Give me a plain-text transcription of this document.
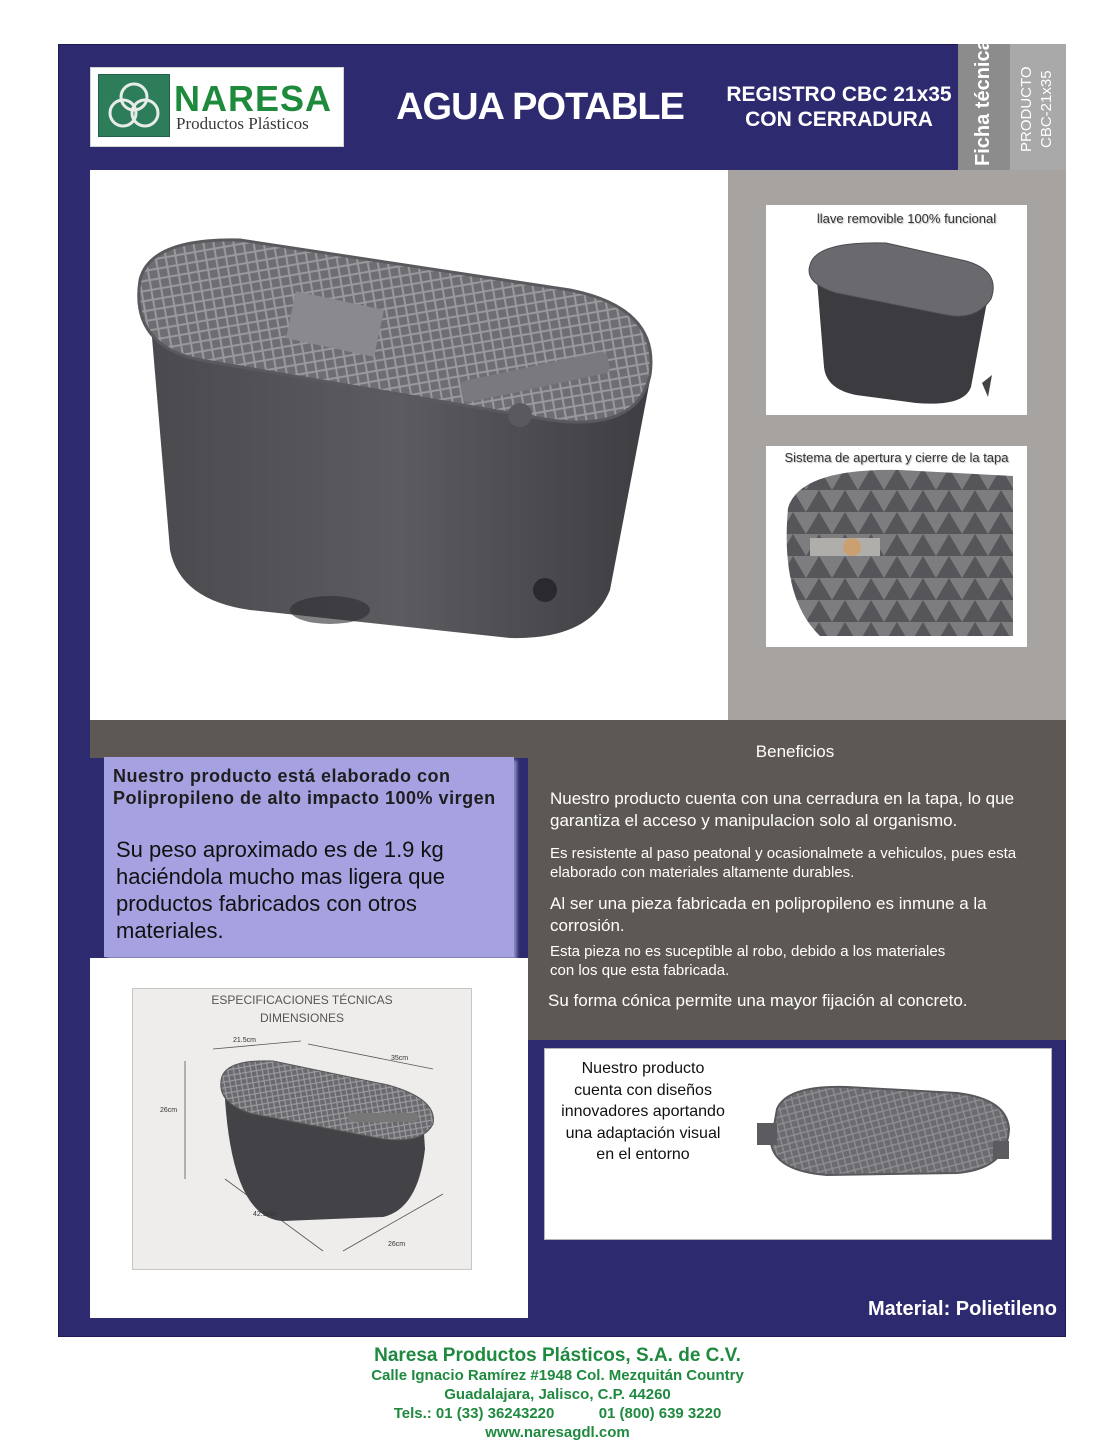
NARESA
Productos Plásticos	AGUA POTABLE	REGISTRO CBC 21x35
CON CERRADURA	Ficha técnica PRODUCTO CBC-21x35
llave removible 100% funcional
Sistema de apertura y cierre de la tapa
Beneficios
Nuestro producto cuenta con una cerradura en la tapa, lo que garantiza el acceso y manipulacion solo al organismo.
Es resistente al paso peatonal y ocasionalmete a vehiculos, pues esta elaborado con materiales altamente durables.
Al ser una pieza fabricada en polipropileno es inmune a la corrosión.
Esta pieza no es suceptible al robo, debido a los materiales con los que esta fabricada.
Su forma cónica permite una mayor fijación al concreto.
Nuestro producto está elaborado con Polipropileno de alto impacto 100% virgen
Su peso aproximado es de 1.9 kg haciéndola mucho mas ligera que productos fabricados con otros materiales.
ESPECIFICACIONES TÉCNICAS
DIMENSIONES
21.5cm
35cm
26cm
42.5cm
26cm
Nuestro producto cuenta con diseños innovadores aportando una adaptación visual en el entorno
Material: Polietileno
Naresa Productos Plásticos, S.A. de C.V.
Calle Ignacio Ramírez #1948 Col. Mezquitán Country
Guadalajara, Jalisco, C.P. 44260
Tels.: 01 (33) 36243220	01 (800) 639 3220
www.naresagdl.com
